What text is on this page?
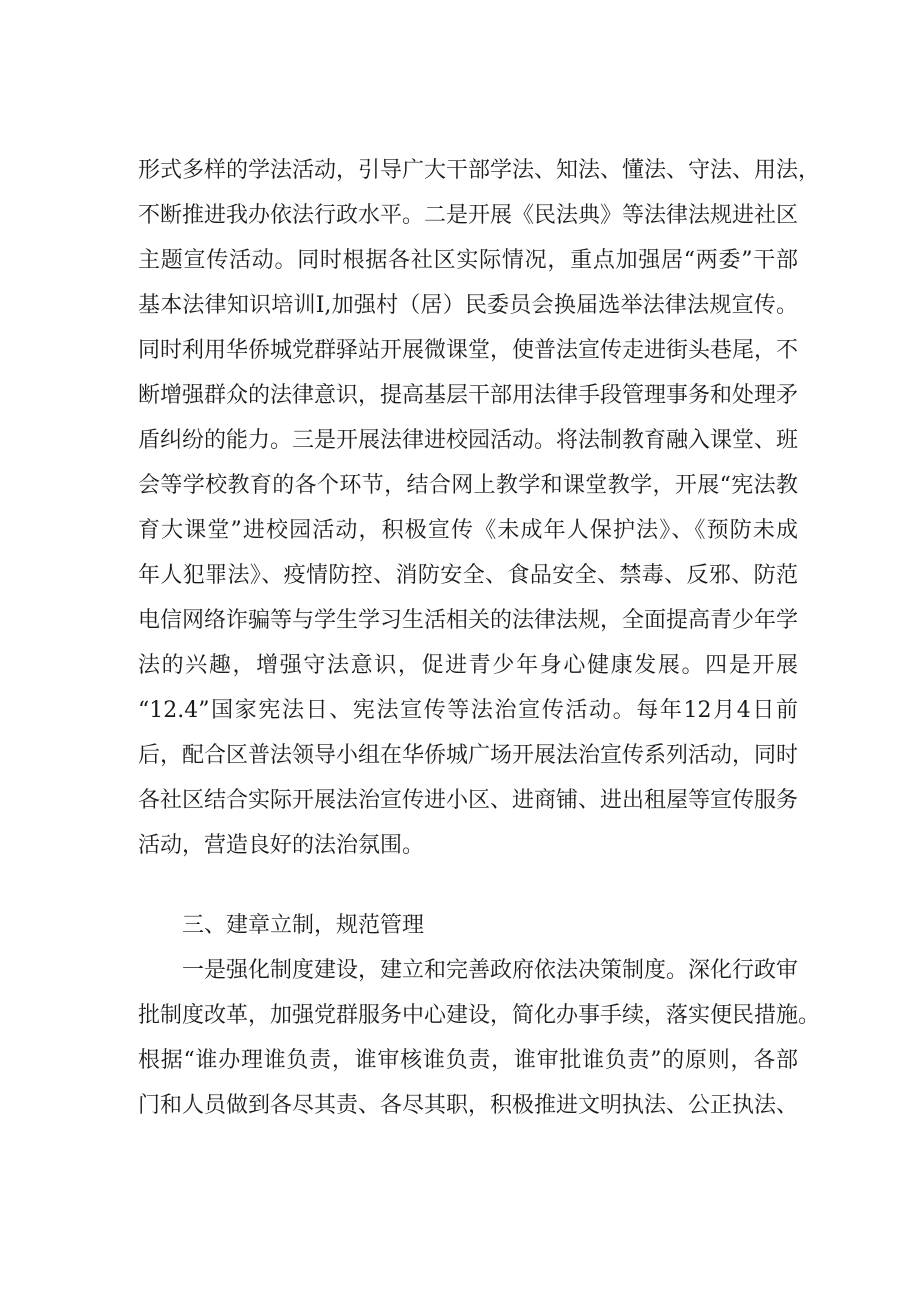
形式多样的学法活动，引导广大干部学法、知法、懂法、守法、用法，
不断推进我办依法行政水平。二是开展《民法典》等法律法规进社区
主题宣传活动。同时根据各社区实际情况，重点加强居“两委”干部
基本法律知识培训I,加强村（居）民委员会换届选举法律法规宣传。
同时利用华侨城党群驿站开展微课堂，使普法宣传走进街头巷尾，不
断增强群众的法律意识，提高基层干部用法律手段管理事务和处理矛
盾纠纷的能力。三是开展法律进校园活动。将法制教育融入课堂、班
会等学校教育的各个环节，结合网上教学和课堂教学，开展“宪法教
育大课堂”进校园活动，积极宣传《未成年人保护法》、《预防未成
年人犯罪法》、疫情防控、消防安全、食品安全、禁毒、反邪、防范
电信网络诈骗等与学生学习生活相关的法律法规，全面提高青少年学
法的兴趣，增强守法意识，促进青少年身心健康发展。四是开展
“12.4”国家宪法日、宪法宣传等法治宣传活动。每年12月4日前
后，配合区普法领导小组在华侨城广场开展法治宣传系列活动，同时
各社区结合实际开展法治宣传进小区、进商铺、进出租屋等宣传服务
活动，营造良好的法治氛围。
三、建章立制，规范管理
一是强化制度建设，建立和完善政府依法决策制度。深化行政审
批制度改革，加强党群服务中心建设，简化办事手续，落实便民措施。
根据“谁办理谁负责，谁审核谁负责，谁审批谁负责”的原则，各部
门和人员做到各尽其责、各尽其职，积极推进文明执法、公正执法、
